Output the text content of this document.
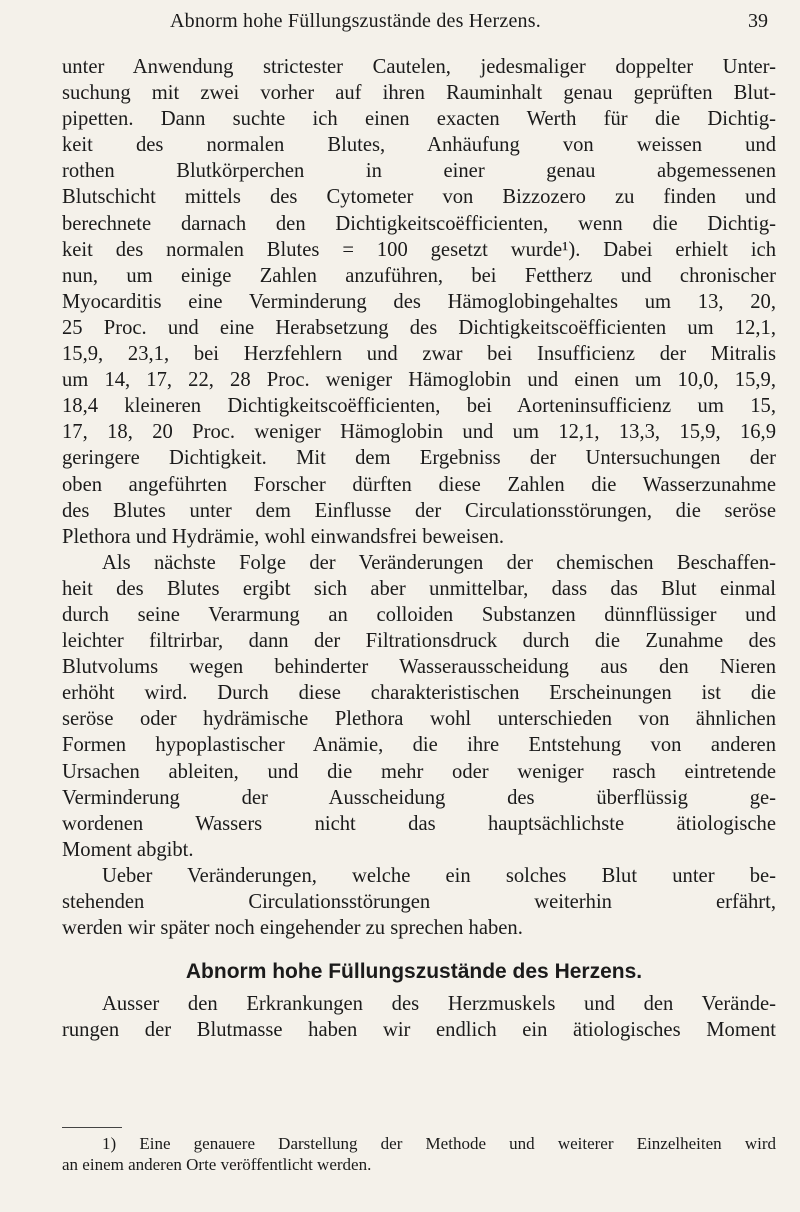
Abnorm hohe Füllungszustände des Herzens.	39
unter Anwendung strictester Cautelen, jedesmaliger doppelter Unter-
suchung mit zwei vorher auf ihren Rauminhalt genau geprüften Blut-
pipetten. Dann suchte ich einen exacten Werth für die Dichtig-
keit des normalen Blutes, Anhäufung von weissen und
rothen Blutkörperchen in einer genau abgemessenen
Blutschicht mittels des Cytometer von Bizzozero zu finden und
berechnete darnach den Dichtigkeitscoëfficienten, wenn die Dichtig-
keit des normalen Blutes = 100 gesetzt wurde¹). Dabei erhielt ich
nun, um einige Zahlen anzuführen, bei Fettherz und chronischer
Myocarditis eine Verminderung des Hämoglobingehaltes um 13, 20,
25 Proc. und eine Herabsetzung des Dichtigkeitscoëfficienten um 12,1,
15,9, 23,1, bei Herzfehlern und zwar bei Insufficienz der Mitralis
um 14, 17, 22, 28 Proc. weniger Hämoglobin und einen um 10,0, 15,9,
18,4 kleineren Dichtigkeitscoëfficienten, bei Aorteninsufficienz um 15,
17, 18, 20 Proc. weniger Hämoglobin und um 12,1, 13,3, 15,9, 16,9
geringere Dichtigkeit. Mit dem Ergebniss der Untersuchungen der
oben angeführten Forscher dürften diese Zahlen die Wasserzunahme
des Blutes unter dem Einflusse der Circulationsstörungen, die seröse
Plethora und Hydrämie, wohl einwandsfrei beweisen.
Als nächste Folge der Veränderungen der chemischen Beschaffen-
heit des Blutes ergibt sich aber unmittelbar, dass das Blut einmal
durch seine Verarmung an colloiden Substanzen dünnflüssiger und
leichter filtrirbar, dann der Filtrationsdruck durch die Zunahme des
Blutvolums wegen behinderter Wasserausscheidung aus den Nieren
erhöht wird. Durch diese charakteristischen Erscheinungen ist die
seröse oder hydrämische Plethora wohl unterschieden von ähnlichen
Formen hypoplastischer Anämie, die ihre Entstehung von anderen
Ursachen ableiten, und die mehr oder weniger rasch eintretende
Verminderung der Ausscheidung des überflüssig ge-
wordenen Wassers nicht das hauptsächlichste ätiologische
Moment abgibt.
Ueber Veränderungen, welche ein solches Blut unter be-
stehenden Circulationsstörungen weiterhin erfährt,
werden wir später noch eingehender zu sprechen haben.
Abnorm hohe Füllungszustände des Herzens.
Ausser den Erkrankungen des Herzmuskels und den Verände-
rungen der Blutmasse haben wir endlich ein ätiologisches Moment
1) Eine genauere Darstellung der Methode und weiterer Einzelheiten wird
an einem anderen Orte veröffentlicht werden.
